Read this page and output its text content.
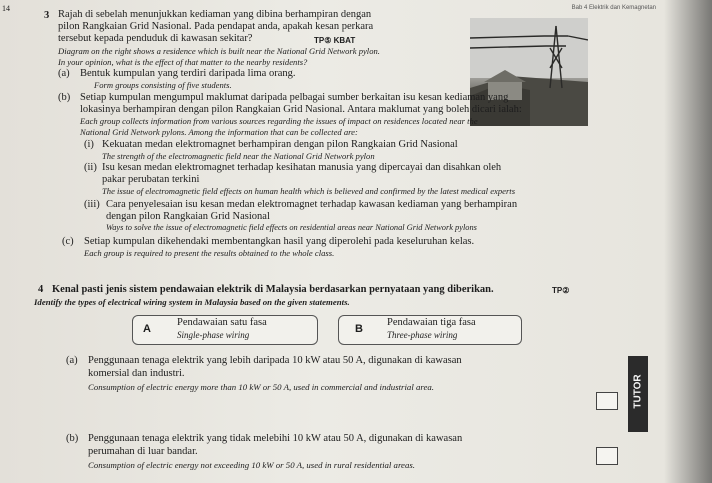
14	Bab 4 Elektrik dan Kemagnetan
3 Rajah di sebelah menunjukkan kediaman yang dibina berhampiran dengan
pilon Rangkaian Grid Nasional. Pada pendapat anda, apakah kesan perkara
tersebut kepada penduduk di kawasan sekitar?	TP⑤ KBAT
Diagram on the right shows a residence which is built near the National Grid Network pylon.
In your opinion, what is the effect of that matter to the nearby residents?
(a) Bentuk kumpulan yang terdiri daripada lima orang.
Form groups consisting of five students.
(b) Setiap kumpulan mengumpul maklumat daripada pelbagai sumber berkaitan isu kesan kediaman yang
lokasinya berhampiran dengan pilon Rangkaian Grid Nasional. Antara maklumat yang boleh dicari ialah:
Each group collects information from various sources regarding the issues of impact on residences located near the
National Grid Network pylons. Among the information that can be collected are:
(i) Kekuatan medan elektromagnet berhampiran dengan pilon Rangkaian Grid Nasional
The strength of the electromagnetic field near the National Grid Network pylon
(ii) Isu kesan medan elektromagnet terhadap kesihatan manusia yang dipercayai dan disahkan oleh
pakar perubatan terkini
The issue of electromagnetic field effects on human health which is believed and confirmed by the latest medical experts
(iii) Cara penyelesaian isu kesan medan elektromagnet terhadap kawasan kediaman yang berhampiran
dengan pilon Rangkaian Grid Nasional
Ways to solve the issue of electromagnetic field effects on residential areas near National Grid Network pylons
(c) Setiap kumpulan dikehendaki membentangkan hasil yang diperolehi pada keseluruhan kelas.
Each group is required to present the results obtained to the whole class.
4 Kenal pasti jenis sistem pendawaian elektrik di Malaysia berdasarkan pernyataan yang diberikan.	TP②
Identify the types of electrical wiring system in Malaysia based on the given statements.
A
Pendawaian satu fasa
Single-phase wiring	B
Pendawaian tiga fasa
Three-phase wiring
(a) Penggunaan tenaga elektrik yang lebih daripada 10 kW atau 50 A, digunakan di kawasan
komersial dan industri.
Consumption of electric energy more than 10 kW or 50 A, used in commercial and industrial area.
(b) Penggunaan tenaga elektrik yang tidak melebihi 10 kW atau 50 A, digunakan di kawasan
perumahan di luar bandar.
Consumption of electric energy not exceeding 10 kW or 50 A, used in rural residential areas.
TUTOR
